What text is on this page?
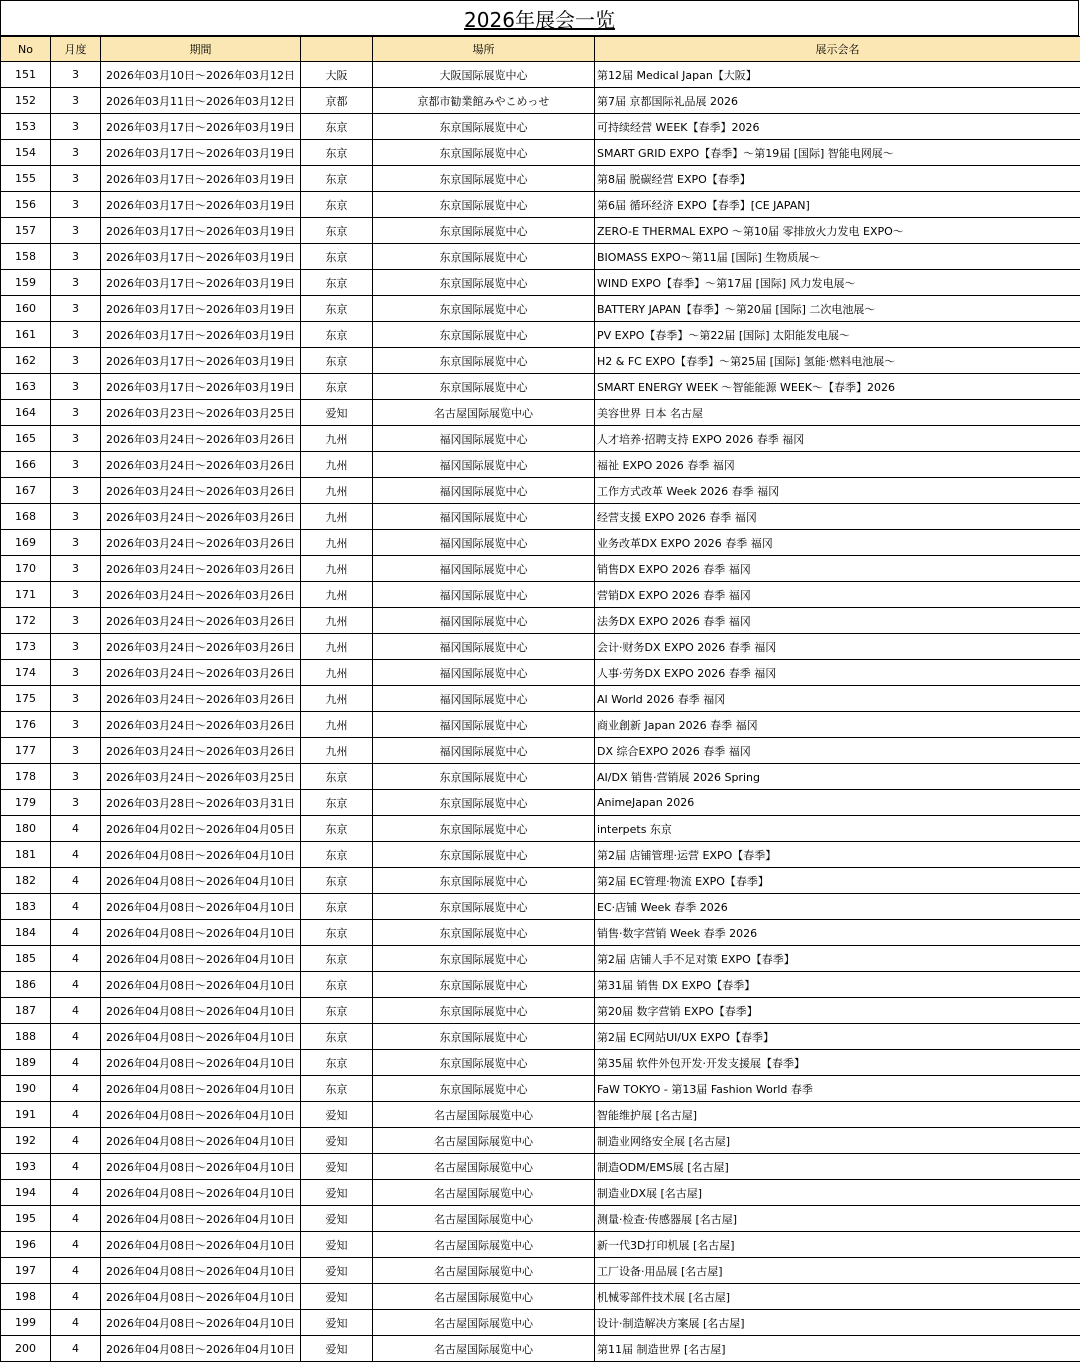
2026年展会一览
No	月度	期間		場所	展示会名
151	3	2026年03月10日～2026年03月12日	大阪	大阪国际展览中心	第12届 Medical Japan【大阪】
152	3	2026年03月11日～2026年03月12日	京都	京都市勧業館みやこめっせ	第7届 京都国际礼品展 2026
153	3	2026年03月17日～2026年03月19日	东京	东京国际展览中心	可持续经营 WEEK【春季】2026
154	3	2026年03月17日～2026年03月19日	东京	东京国际展览中心	SMART GRID EXPO【春季】～第19届 [国际] 智能电网展～
155	3	2026年03月17日～2026年03月19日	东京	东京国际展览中心	第8届 脱碳经营 EXPO【春季】
156	3	2026年03月17日～2026年03月19日	东京	东京国际展览中心	第6届 循环经济 EXPO【春季】[CE JAPAN]
157	3	2026年03月17日～2026年03月19日	东京	东京国际展览中心	ZERO-E THERMAL EXPO ～第10届 零排放火力发电 EXPO～
158	3	2026年03月17日～2026年03月19日	东京	东京国际展览中心	BIOMASS EXPO～第11届 [国际] 生物质展～
159	3	2026年03月17日～2026年03月19日	东京	东京国际展览中心	WIND EXPO【春季】～第17届 [国际] 风力发电展～
160	3	2026年03月17日～2026年03月19日	东京	东京国际展览中心	BATTERY JAPAN【春季】～第20届 [国际] 二次电池展～
161	3	2026年03月17日～2026年03月19日	东京	东京国际展览中心	PV EXPO【春季】～第22届 [国际] 太阳能发电展～
162	3	2026年03月17日～2026年03月19日	东京	东京国际展览中心	H2 & FC EXPO【春季】～第25届 [国际] 氢能·燃料电池展～
163	3	2026年03月17日～2026年03月19日	东京	东京国际展览中心	SMART ENERGY WEEK ～智能能源 WEEK～【春季】2026
164	3	2026年03月23日～2026年03月25日	爱知	名古屋国际展览中心	美容世界 日本 名古屋
165	3	2026年03月24日～2026年03月26日	九州	福冈国际展览中心	人才培养·招聘支持 EXPO 2026 春季 福冈
166	3	2026年03月24日～2026年03月26日	九州	福冈国际展览中心	福祉 EXPO 2026 春季 福冈
167	3	2026年03月24日～2026年03月26日	九州	福冈国际展览中心	工作方式改革 Week 2026 春季 福冈
168	3	2026年03月24日～2026年03月26日	九州	福冈国际展览中心	经营支援 EXPO 2026 春季 福冈
169	3	2026年03月24日～2026年03月26日	九州	福冈国际展览中心	业务改革DX EXPO 2026 春季 福冈
170	3	2026年03月24日～2026年03月26日	九州	福冈国际展览中心	销售DX EXPO 2026 春季 福冈
171	3	2026年03月24日～2026年03月26日	九州	福冈国际展览中心	营销DX EXPO 2026 春季 福冈
172	3	2026年03月24日～2026年03月26日	九州	福冈国际展览中心	法务DX EXPO 2026 春季 福冈
173	3	2026年03月24日～2026年03月26日	九州	福冈国际展览中心	会计·财务DX EXPO 2026 春季 福冈
174	3	2026年03月24日～2026年03月26日	九州	福冈国际展览中心	人事·劳务DX EXPO 2026 春季 福冈
175	3	2026年03月24日～2026年03月26日	九州	福冈国际展览中心	AI World 2026 春季 福冈
176	3	2026年03月24日～2026年03月26日	九州	福冈国际展览中心	商业創新 Japan 2026 春季 福冈
177	3	2026年03月24日～2026年03月26日	九州	福冈国际展览中心	DX 综合EXPO 2026 春季 福冈
178	3	2026年03月24日～2026年03月25日	东京	东京国际展览中心	AI/DX 销售·营销展 2026 Spring
179	3	2026年03月28日～2026年03月31日	东京	东京国际展览中心	AnimeJapan 2026
180	4	2026年04月02日～2026年04月05日	东京	东京国际展览中心	interpets 东京
181	4	2026年04月08日～2026年04月10日	东京	东京国际展览中心	第2届 店铺管理·运营 EXPO【春季】
182	4	2026年04月08日～2026年04月10日	东京	东京国际展览中心	第2届 EC管理·物流 EXPO【春季】
183	4	2026年04月08日～2026年04月10日	东京	东京国际展览中心	EC·店铺 Week 春季 2026
184	4	2026年04月08日～2026年04月10日	东京	东京国际展览中心	销售·数字营销 Week 春季 2026
185	4	2026年04月08日～2026年04月10日	东京	东京国际展览中心	第2届 店铺人手不足对策 EXPO【春季】
186	4	2026年04月08日～2026年04月10日	东京	东京国际展览中心	第31届 销售 DX EXPO【春季】
187	4	2026年04月08日～2026年04月10日	东京	东京国际展览中心	第20届 数字营销 EXPO【春季】
188	4	2026年04月08日～2026年04月10日	东京	东京国际展览中心	第2届 EC网站UI/UX EXPO【春季】
189	4	2026年04月08日～2026年04月10日	东京	东京国际展览中心	第35届 软件外包开发·开发支援展【春季】
190	4	2026年04月08日～2026年04月10日	东京	东京国际展览中心	FaW TOKYO - 第13届 Fashion World 春季
191	4	2026年04月08日～2026年04月10日	爱知	名古屋国际展览中心	智能维护展 [名古屋]
192	4	2026年04月08日～2026年04月10日	爱知	名古屋国际展览中心	制造业网络安全展 [名古屋]
193	4	2026年04月08日～2026年04月10日	爱知	名古屋国际展览中心	制造ODM/EMS展 [名古屋]
194	4	2026年04月08日～2026年04月10日	爱知	名古屋国际展览中心	制造业DX展 [名古屋]
195	4	2026年04月08日～2026年04月10日	爱知	名古屋国际展览中心	测量·检查·传感器展 [名古屋]
196	4	2026年04月08日～2026年04月10日	爱知	名古屋国际展览中心	新一代3D打印机展 [名古屋]
197	4	2026年04月08日～2026年04月10日	爱知	名古屋国际展览中心	工厂设备·用品展 [名古屋]
198	4	2026年04月08日～2026年04月10日	爱知	名古屋国际展览中心	机械零部件技术展 [名古屋]
199	4	2026年04月08日～2026年04月10日	爱知	名古屋国际展览中心	设计·制造解决方案展 [名古屋]
200	4	2026年04月08日～2026年04月10日	爱知	名古屋国际展览中心	第11届 制造世界 [名古屋]
